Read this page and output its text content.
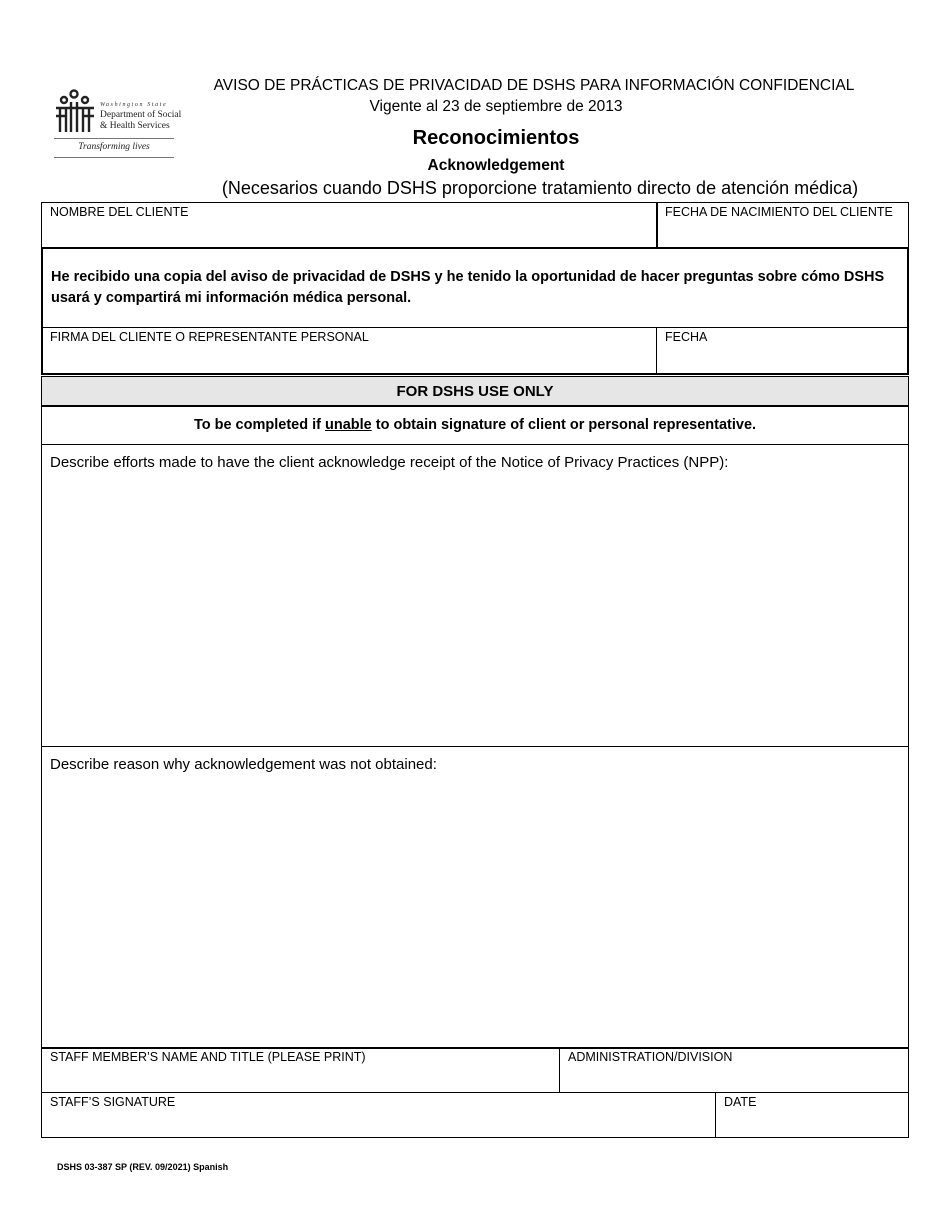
Washington State
Department of Social
& Health Services
Transforming lives
AVISO DE PRÁCTICAS DE PRIVACIDAD DE DSHS PARA INFORMACIÓN CONFIDENCIAL
Vigente al 23 de septiembre de 2013
Reconocimientos
Acknowledgement
(Necesarios cuando DSHS proporcione tratamiento directo de atención médica)
NOMBRE DEL CLIENTE	FECHA DE NACIMIENTO DEL CLIENTE
He recibido una copia del aviso de privacidad de DSHS y he tenido la oportunidad de hacer preguntas sobre cómo DSHS usará y compartirá mi información médica personal.
FIRMA DEL CLIENTE O REPRESENTANTE PERSONAL	FECHA
FOR DSHS USE ONLY
To be completed if unable to obtain signature of client or personal representative.
Describe efforts made to have the client acknowledge receipt of the Notice of Privacy Practices (NPP):
Describe reason why acknowledgement was not obtained:
STAFF MEMBER’S NAME AND TITLE (PLEASE PRINT)	ADMINISTRATION/DIVISION
STAFF’S SIGNATURE	DATE
DSHS 03-387 SP (REV. 09/2021) Spanish
